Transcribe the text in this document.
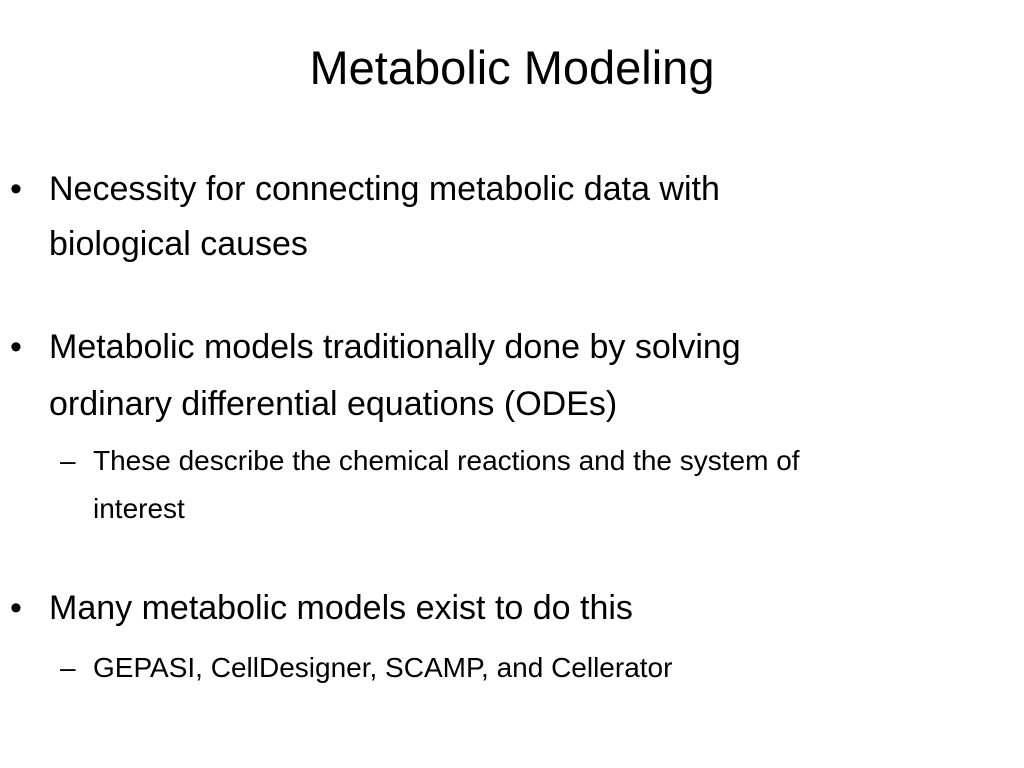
Metabolic Modeling
• Necessity for connecting metabolic data with
biological causes
• Metabolic models traditionally done by solving
ordinary differential equations (ODEs)
– These describe the chemical reactions and the system of
interest
• Many metabolic models exist to do this
– GEPASI, CellDesigner, SCAMP, and Cellerator
